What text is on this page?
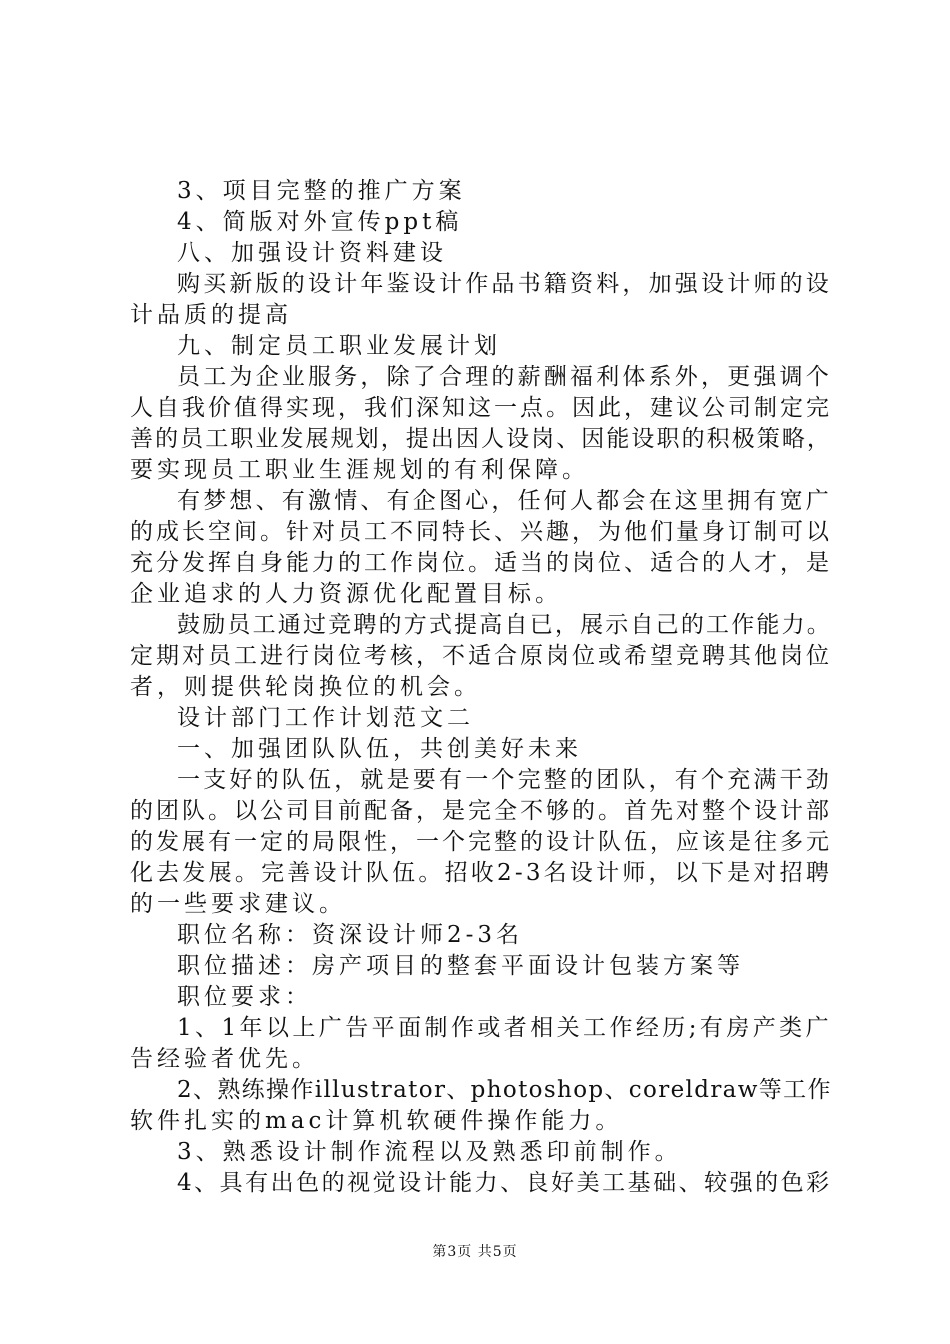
3、项目完整的推广方案
4、简版对外宣传ppt稿
八、加强设计资料建设
购买新版的设计年鉴设计作品书籍资料，加强设计师的设
计品质的提高
九、制定员工职业发展计划
员工为企业服务，除了合理的薪酬福利体系外，更强调个
人自我价值得实现，我们深知这一点。因此，建议公司制定完
善的员工职业发展规划，提出因人设岗、因能设职的积极策略，
要实现员工职业生涯规划的有利保障。
有梦想、有激情、有企图心，任何人都会在这里拥有宽广
的成长空间。针对员工不同特长、兴趣，为他们量身订制可以
充分发挥自身能力的工作岗位。适当的岗位、适合的人才，是
企业追求的人力资源优化配置目标。
鼓励员工通过竞聘的方式提高自已，展示自己的工作能力。
定期对员工进行岗位考核，不适合原岗位或希望竞聘其他岗位
者，则提供轮岗换位的机会。
设计部门工作计划范文二
一、加强团队队伍，共创美好未来
一支好的队伍，就是要有一个完整的团队，有个充满干劲
的团队。以公司目前配备，是完全不够的。首先对整个设计部
的发展有一定的局限性，一个完整的设计队伍，应该是往多元
化去发展。完善设计队伍。招收2-3名设计师，以下是对招聘
的一些要求建议。
职位名称：资深设计师2-3名
职位描述：房产项目的整套平面设计包装方案等
职位要求：
1、1年以上广告平面制作或者相关工作经历;有房产类广
告经验者优先。
2、熟练操作illustrator、photoshop、coreldraw等工作
软件扎实的mac计算机软硬件操作能力。
3、熟悉设计制作流程以及熟悉印前制作。
4、具有出色的视觉设计能力、良好美工基础、较强的色彩
第3页 共5页
